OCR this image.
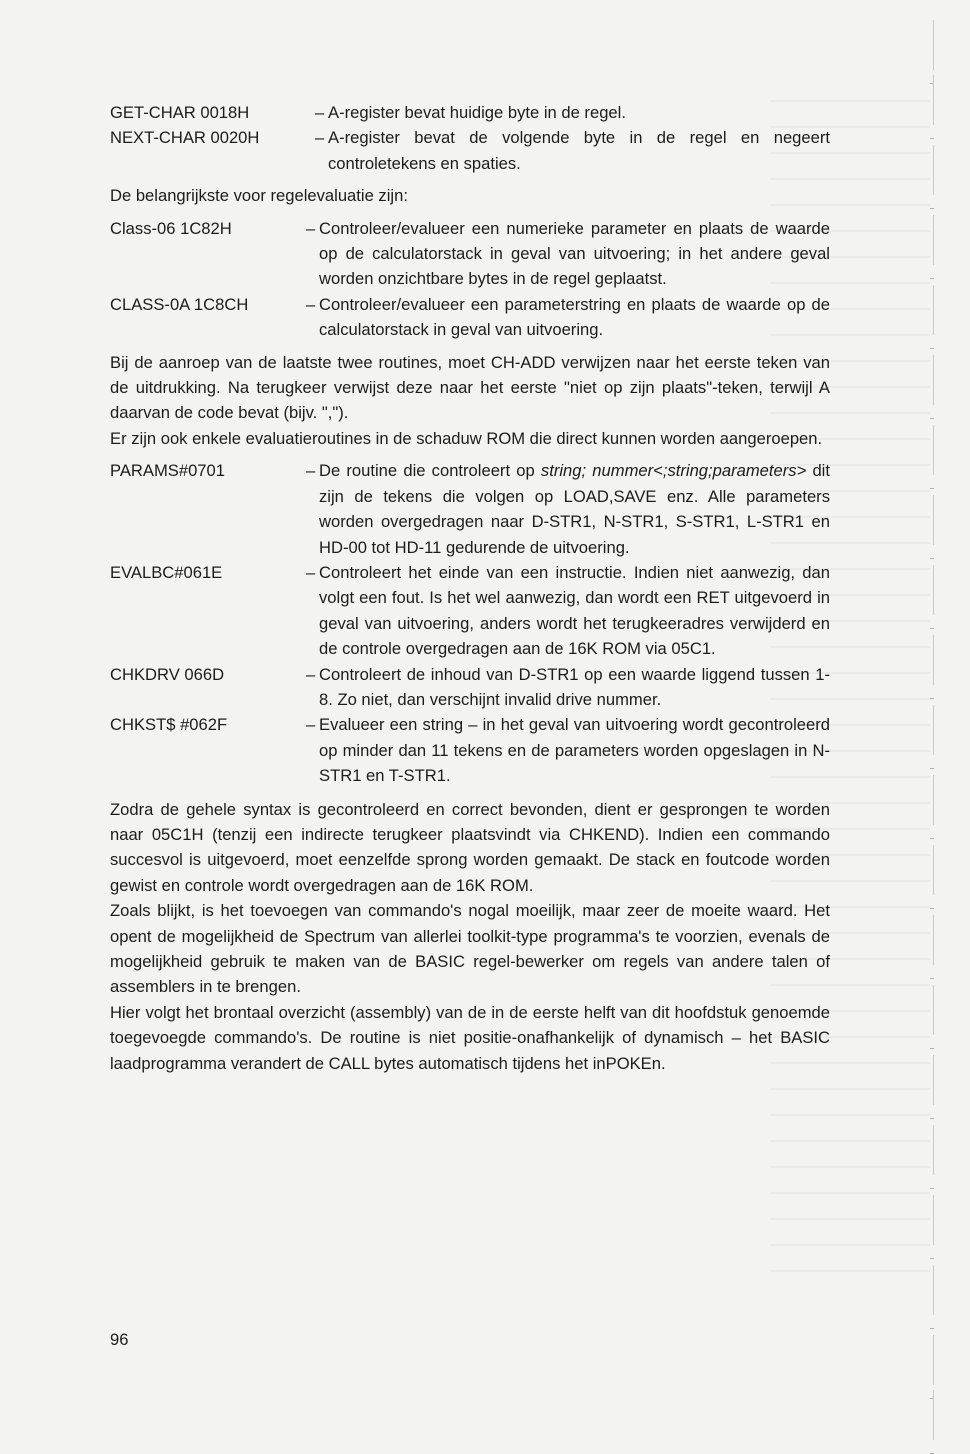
GET-CHAR 0018H	– A-register bevat huidige byte in de regel.
NEXT-CHAR 0020H	– A-register bevat de volgende byte in de regel en negeert controletekens en spaties.

De belangrijkste voor regelevaluatie zijn:

Class-06 1C82H	– Controleer/evalueer een numerieke parameter en plaats de waarde op de calculatorstack in geval van uitvoering; in het andere geval worden onzichtbare bytes in de regel geplaatst.
CLASS-0A 1C8CH	– Controleer/evalueer een parameterstring en plaats de waarde op de calculatorstack in geval van uitvoering.

Bij de aanroep van de laatste twee routines, moet CH-ADD verwijzen naar het eerste teken van de uitdrukking. Na terugkeer verwijst deze naar het eerste "niet op zijn plaats"-teken, terwijl A daarvan de code bevat (bijv. ",").

Er zijn ook enkele evaluatieroutines in de schaduw ROM die direct kunnen worden aangeroepen.

PARAMS#0701	– De routine die controleert op string; nummer<;string;parameters> dit zijn de tekens die volgen op LOAD,SAVE enz. Alle parameters worden overgedragen naar D-STR1, N-STR1, S-STR1, L-STR1 en HD-00 tot HD-11 gedurende de uitvoering.
EVALBC#061E	– Controleert het einde van een instructie. Indien niet aanwezig, dan volgt een fout. Is het wel aanwezig, dan wordt een RET uitgevoerd in geval van uitvoering, anders wordt het terugkeeradres verwijderd en de controle overgedragen aan de 16K ROM via 05C1.
CHKDRV 066D	– Controleert de inhoud van D-STR1 op een waarde liggend tussen 1-8. Zo niet, dan verschijnt invalid drive nummer.
CHKST$ #062F	– Evalueer een string – in het geval van uitvoering wordt gecontroleerd op minder dan 11 tekens en de parameters worden opgeslagen in N-STR1 en T-STR1.

Zodra de gehele syntax is gecontroleerd en correct bevonden, dient er gesprongen te worden naar 05C1H (tenzij een indirecte terugkeer plaatsvindt via CHKEND). Indien een commando succesvol is uitgevoerd, moet eenzelfde sprong worden gemaakt. De stack en foutcode worden gewist en controle wordt overgedragen aan de 16K ROM.

Zoals blijkt, is het toevoegen van commando's nogal moeilijk, maar zeer de moeite waard. Het opent de mogelijkheid de Spectrum van allerlei toolkit-type programma's te voorzien, evenals de mogelijkheid gebruik te maken van de BASIC regel-bewerker om regels van andere talen of assemblers in te brengen.

Hier volgt het brontaal overzicht (assembly) van de in de eerste helft van dit hoofdstuk genoemde toegevoegde commando's. De routine is niet positie-onafhankelijk of dynamisch – het BASIC laadprogramma verandert de CALL bytes automatisch tijdens het inPOKEn.

96
